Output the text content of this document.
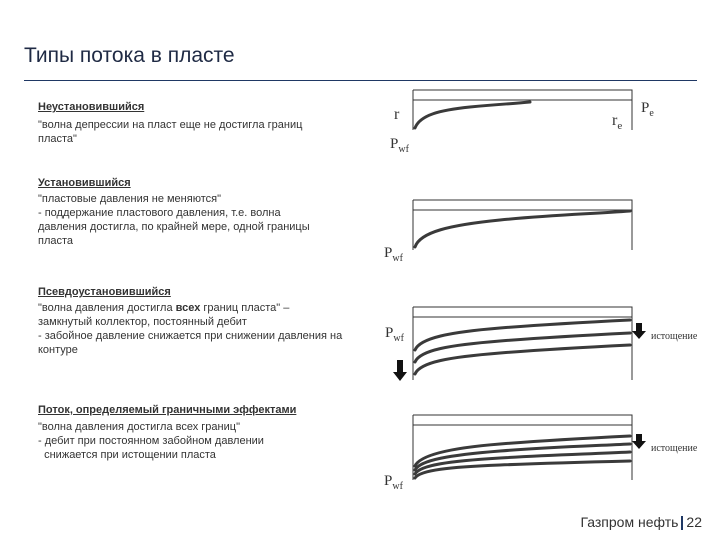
Типы потока в пласте
Неустановившийся
"волна депрессии на пласт еще не достигла границ
пласта"
Установившийся
"пластовые давления не меняются"
- поддержание пластового давления, т.е. волна
давления достигла, по крайней мере, одной границы
пласта
Псевдоустановившийся
"волна давления достигла всех границ пласта" –
замкнутый коллектор, постоянный дебит
- забойное давление снижается при снижении давления на
контуре
Поток, определяемый граничными эффектами
"волна давления достигла всех границ"
- дебит при постоянном забойном давлении
снижается при истощении пласта
r
$P_{wf}$
$r_e$
$P_e$
$P_{wf}$
$P_{wf}$	истощение
истощение
$P_{wf}$
Газпром нефть 22
